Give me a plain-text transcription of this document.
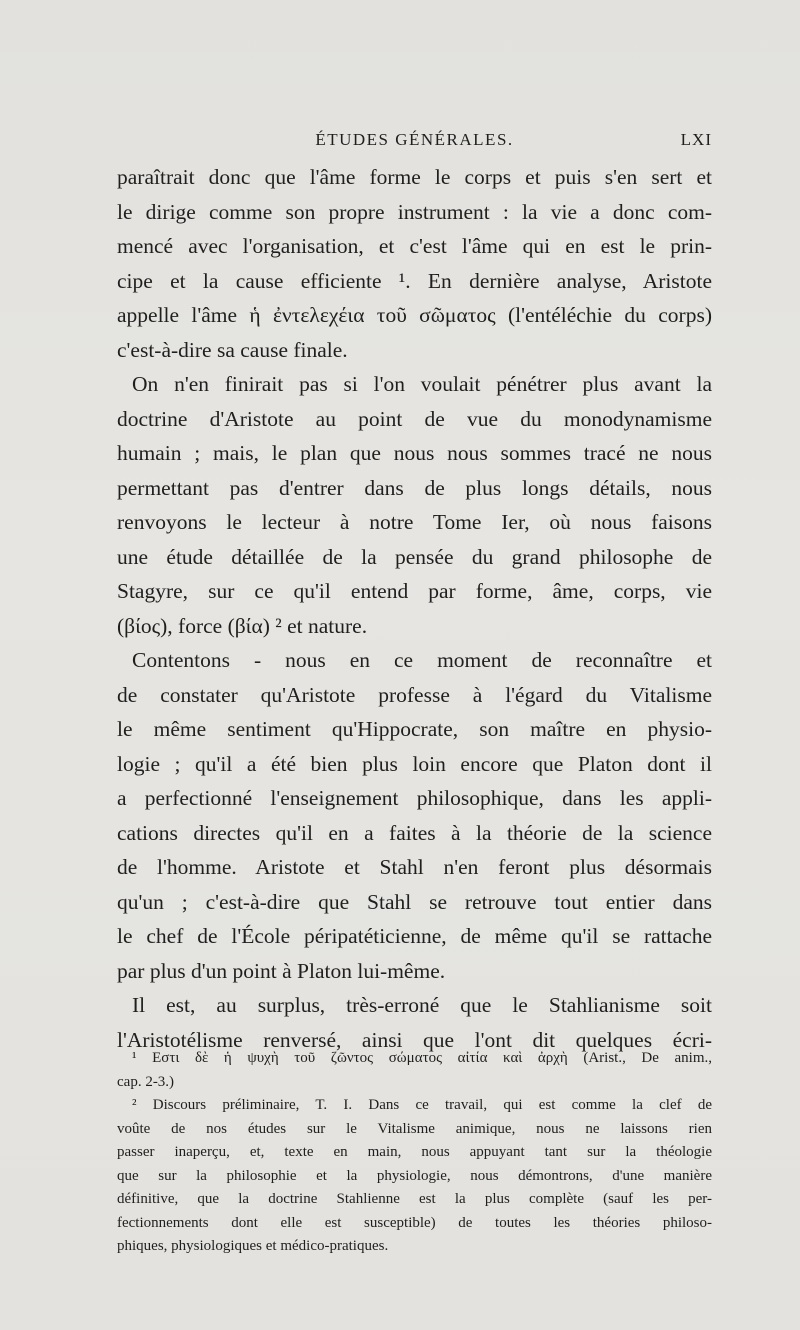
ÉTUDES GÉNÉRALES.	LXI
paraîtrait donc que l'âme forme le corps et puis s'en sert et
le dirige comme son propre instrument : la vie a donc com-
mencé avec l'organisation, et c'est l'âme qui en est le prin-
cipe et la cause efficiente ¹. En dernière analyse, Aristote
appelle l'âme ἡ ἐντελεχέια τοῦ σῶματος (l'entéléchie du corps)
c'est-à-dire sa cause finale.
On n'en finirait pas si l'on voulait pénétrer plus avant la
doctrine d'Aristote au point de vue du monodynamisme
humain ; mais, le plan que nous nous sommes tracé ne nous
permettant pas d'entrer dans de plus longs détails, nous
renvoyons le lecteur à notre Tome Ier, où nous faisons
une étude détaillée de la pensée du grand philosophe de
Stagyre, sur ce qu'il entend par forme, âme, corps, vie
(βίος), force (βία) ² et nature.
Contentons - nous en ce moment de reconnaître et
de constater qu'Aristote professe à l'égard du Vitalisme
le même sentiment qu'Hippocrate, son maître en physio-
logie ; qu'il a été bien plus loin encore que Platon dont il
a perfectionné l'enseignement philosophique, dans les appli-
cations directes qu'il en a faites à la théorie de la science
de l'homme. Aristote et Stahl n'en feront plus désormais
qu'un ; c'est-à-dire que Stahl se retrouve tout entier dans
le chef de l'École péripatéticienne, de même qu'il se rattache
par plus d'un point à Platon lui-même.
Il est, au surplus, très-erroné que le Stahlianisme soit
l'Aristotélisme renversé, ainsi que l'ont dit quelques écri-
¹ Εστι δὲ ἡ ψυχὴ τοῦ ζῶντος σώματος αἰτία καὶ ἀρχὴ (Arist., De anim.,
cap. 2-3.)
² Discours préliminaire, T. I. Dans ce travail, qui est comme la clef de
voûte de nos études sur le Vitalisme animique, nous ne laissons rien
passer inaperçu, et, texte en main, nous appuyant tant sur la théologie
que sur la philosophie et la physiologie, nous démontrons, d'une manière
définitive, que la doctrine Stahlienne est la plus complète (sauf les per-
fectionnements dont elle est susceptible) de toutes les théories philoso-
phiques, physiologiques et médico-pratiques.
